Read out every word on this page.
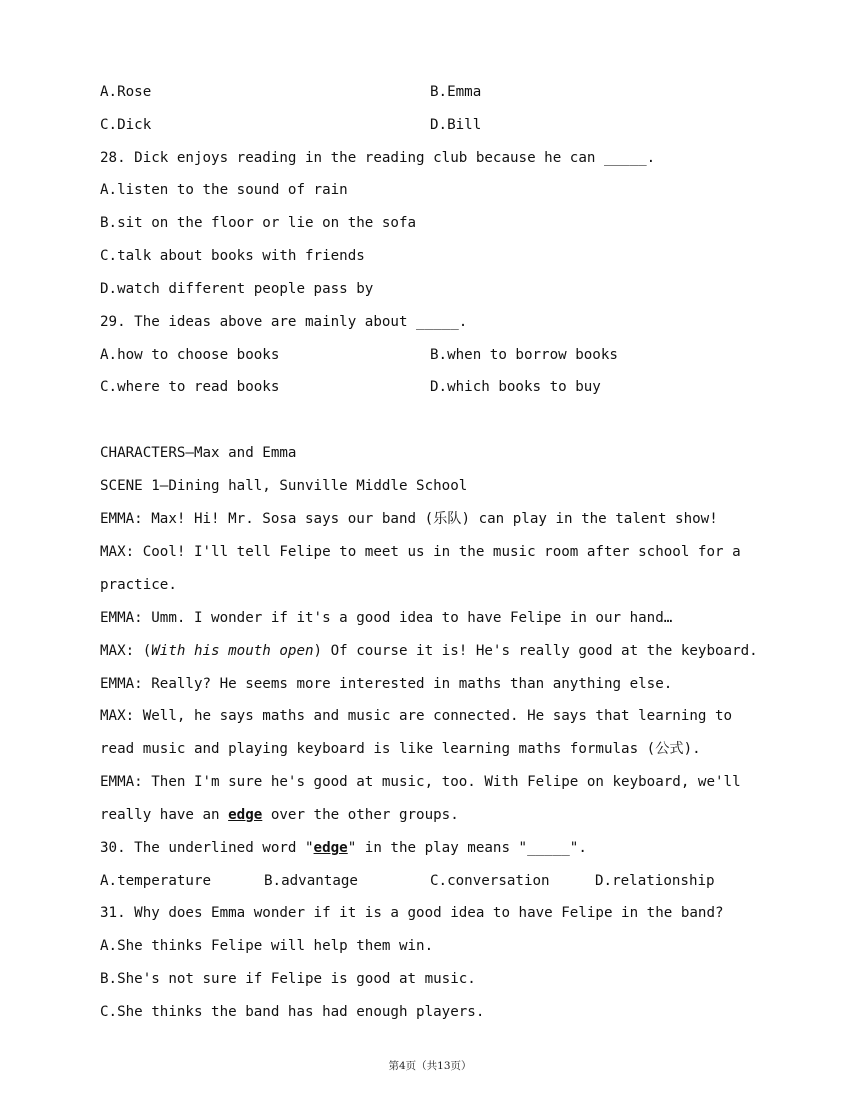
A.Rose	B.Emma
C.Dick	D.Bill
28. Dick enjoys reading in the reading club because he can _____.
A.listen to the sound of rain
B.sit on the floor or lie on the sofa
C.talk about books with friends
D.watch different people pass by
29. The ideas above are mainly about _____.
A.how to choose books	B.when to borrow books
C.where to read books	D.which books to buy
CHARACTERS—Max and Emma
SCENE 1—Dining hall, Sunville Middle School
EMMA: Max! Hi! Mr. Sosa says our band (乐队) can play in the talent show!
MAX: Cool! I'll tell Felipe to meet us in the music room after school for a
practice.
EMMA: Umm. I wonder if it's a good idea to have Felipe in our hand…
MAX: (With his mouth open) Of course it is! He's really good at the keyboard.
EMMA: Really? He seems more interested in maths than anything else.
MAX: Well, he says maths and music are connected. He says that learning to
read music and playing keyboard is like learning maths formulas (公式).
EMMA: Then I'm sure he's good at music, too. With Felipe on keyboard, we'll
really have an edge over the other groups.
30. The underlined word "edge" in the play means "_____".
A.temperature	B.advantage	C.conversation	D.relationship
31. Why does Emma wonder if it is a good idea to have Felipe in the band?
A.She thinks Felipe will help them win.
B.She's not sure if Felipe is good at music.
C.She thinks the band has had enough players.
第4页（共13页）
